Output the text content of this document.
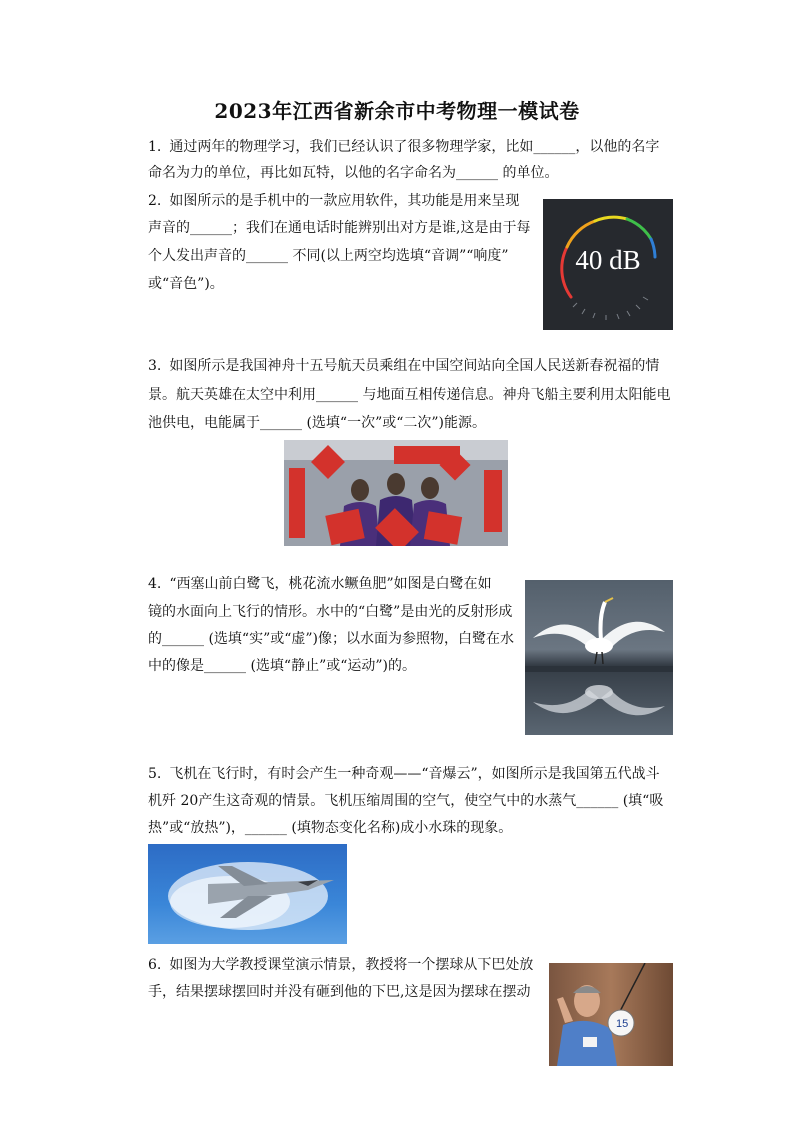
2023年江西省新余市中考物理一模试卷
1. 通过两年的物理学习，我们已经认识了很多物理学家，比如______，以他的名字
命名为力的单位，再比如瓦特，以他的名字命名为______ 的单位。
2. 如图所示的是手机中的一款应用软件，其功能是用来呈现
声音的______；我们在通电话时能辨别出对方是谁,这是由于每
个人发出声音的______ 不同(以上两空均选填“音调”“响度”
或“音色”)。
40 dB
3. 如图所示是我国神舟十五号航天员乘组在中国空间站向全国人民送新春祝福的情
景。航天英雄在太空中利用______ 与地面互相传递信息。神舟飞船主要利用太阳能电
池供电，电能属于______ (选填“一次”或“二次”)能源。
4. “西塞山前白鹭飞，桃花流水鳜鱼肥”如图是白鹭在如
镜的水面向上飞行的情形。水中的“白鹭”是由光的反射形成
的______ (选填“实”或“虚”)像；以水面为参照物，白鹭在水
中的像是______ (选填“静止”或“运动”)的。
5. 飞机在飞行时，有时会产生一种奇观——“音爆云”，如图所示是我国第五代战斗
机歼 20产生这奇观的情景。飞机压缩周围的空气，使空气中的水蒸气______ (填“吸
热”或“放热”)，______ (填物态变化名称)成小水珠的现象。
6. 如图为大学教授课堂演示情景，教授将一个摆球从下巴处放
手，结果摆球摆回时并没有砸到他的下巴,这是因为摆球在摆动
15
